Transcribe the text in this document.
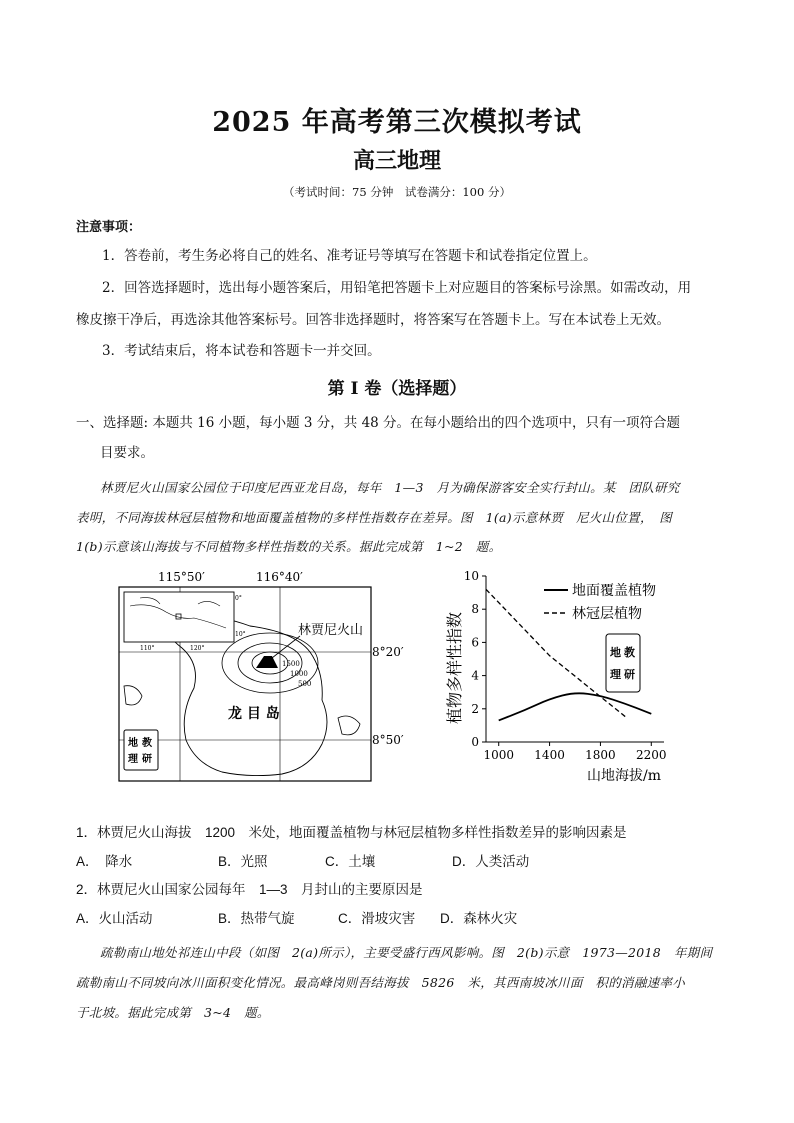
2025 年高考第三次模拟考试
高三地理
（考试时间：75 分钟　试卷满分：100 分）
注意事项：
1．答卷前，考生务必将自己的姓名、准考证号等填写在答题卡和试卷指定位置上。
2．回答选择题时，选出每小题答案后，用铅笔把答题卡上对应题目的答案标号涂黑。如需改动，用
橡皮擦干净后，再选涂其他答案标号。回答非选择题时，将答案写在答题卡上。写在本试卷上无效。
3．考试结束后，将本试卷和答题卡一并交回。
第 I 卷（选择题）
一、选择题: 本题共 16 小题，每小题 3 分，共 48 分。在每小题给出的四个选项中，只有一项符合题
目要求。
林贾尼火山国家公园位于印度尼西亚龙目岛，每年　1—3　月为确保游客安全实行封山。某　团队研究
表明，不同海拔林冠层植物和地面覆盖植物的多样性指数存在差异。图　1(a)示意林贾　尼火山位置，　图
1(b)示意该山海拔与不同植物多样性指数的关系。据此完成第　1~2　题。
115°50′	116°40′
1500
1000
500
林贾尼火山
龙 目 岛
8°20′
8°50′
110°	120°
0°
10°
地
理
教
研
植物多样性指数
山地海拔/m
1000 1400 1800 2200
0
2
4
6
8
10
地面覆盖植物
林冠层植物
地
理
教
研
1．林贾尼火山海拔　1200　米处，地面覆盖植物与林冠层植物多样性指数差异的影响因素是
A．　降水	B．光照	C．土壤	D．人类活动
2．林贾尼火山国家公园每年　1—3　月封山的主要原因是
A．火山活动	B．热带气旋	C．滑坡灾害 D．森林火灾
疏勒南山地处祁连山中段（如图　2(a)所示），主要受盛行西风影响。图　2(b)示意　1973—2018　年期间
疏勒南山不同坡向冰川面积变化情况。最高峰岗则吾结海拔　5826　米，其西南坡冰川面　积的消融速率小
于北坡。据此完成第　3~4　题。
